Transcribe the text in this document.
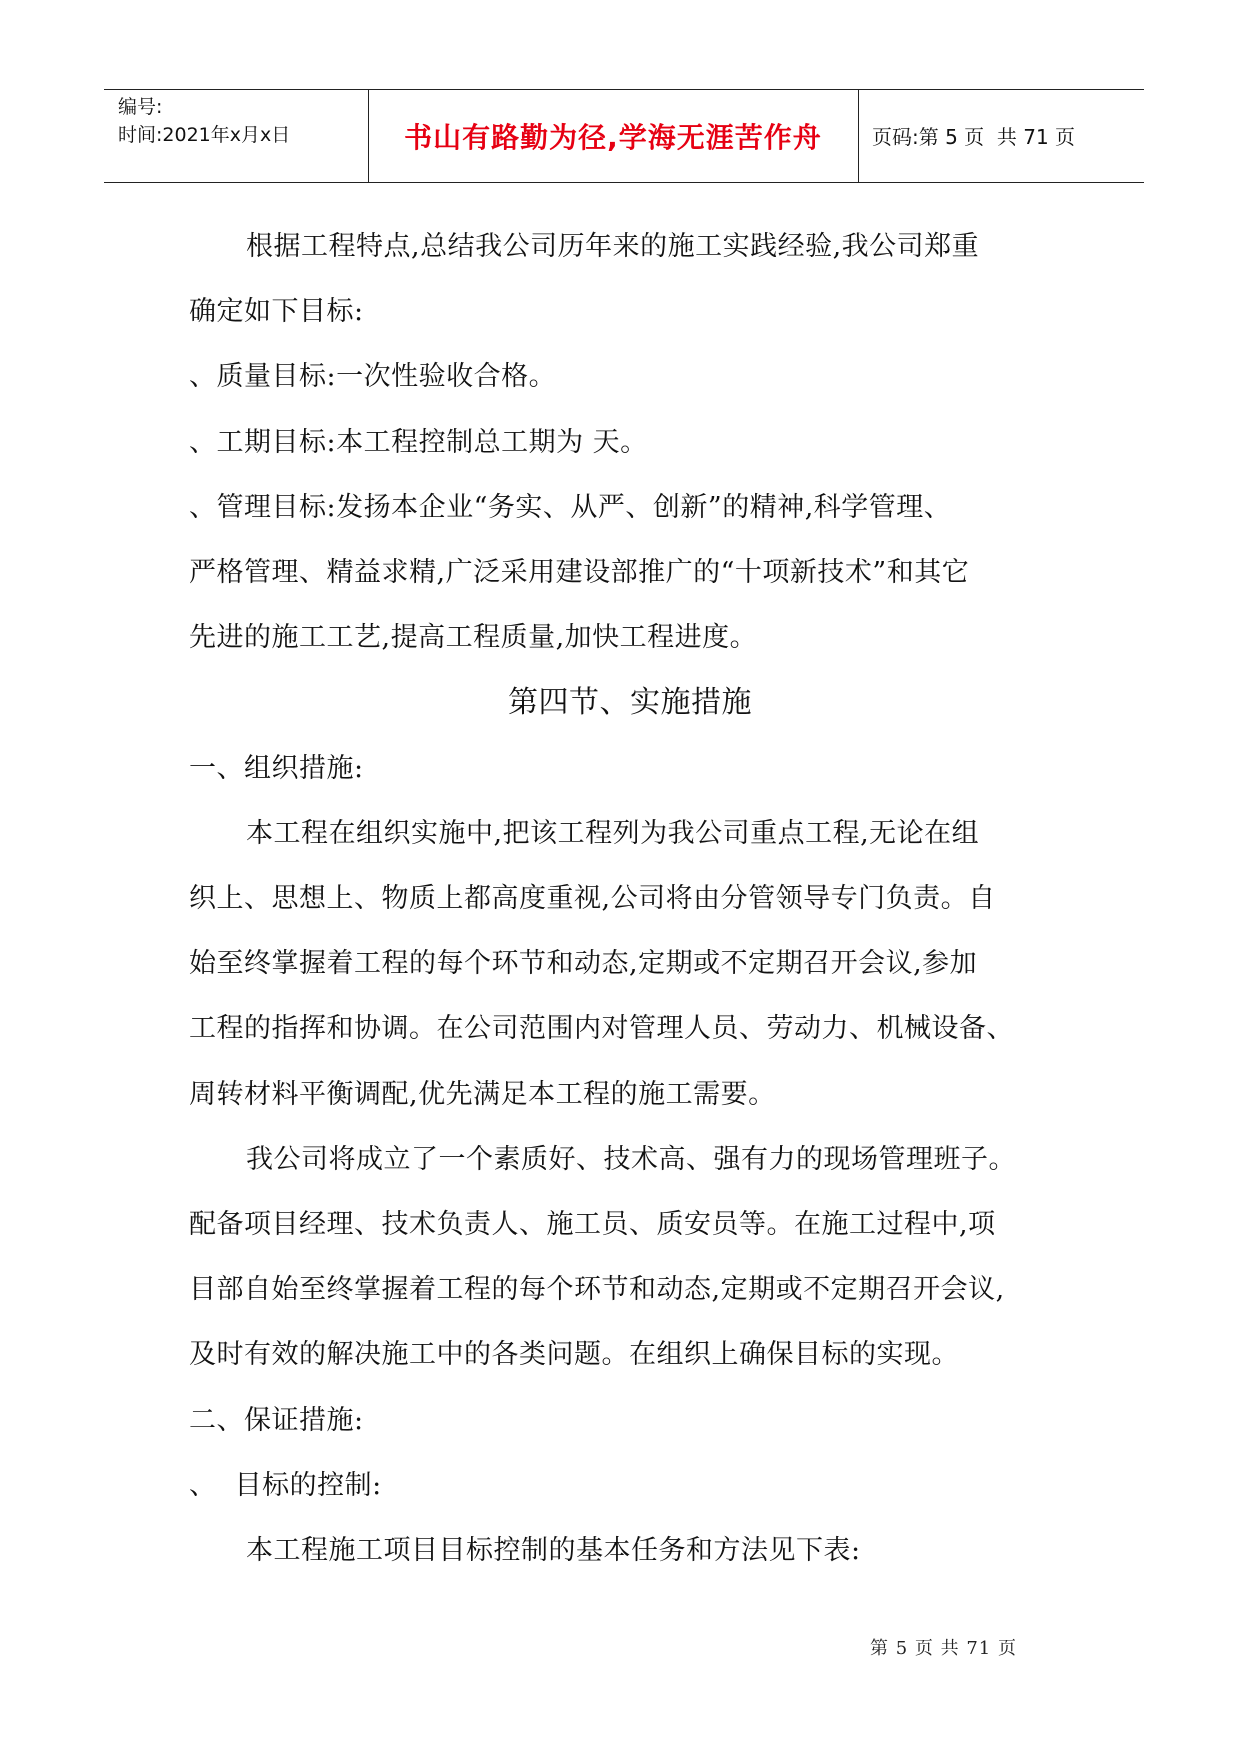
编号:
时间:2021年x月x日	书山有路勤为径,学海无涯苦作舟	页码:第 5 页  共 71 页

根据工程特点,总结我公司历年来的施工实践经验,我公司郑重

确定如下目标:

、质量目标:一次性验收合格。

、工期目标:本工程控制总工期为 天。

、管理目标:发扬本企业“务实、从严、创新”的精神,科学管理、

严格管理、精益求精,广泛采用建设部推广的“十项新技术”和其它

先进的施工工艺,提高工程质量,加快工程进度。

第四节、实施措施

一、组织措施:

本工程在组织实施中,把该工程列为我公司重点工程,无论在组

织上、思想上、物质上都高度重视,公司将由分管领导专门负责。自

始至终掌握着工程的每个环节和动态,定期或不定期召开会议,参加

工程的指挥和协调。在公司范围内对管理人员、劳动力、机械设备、

周转材料平衡调配,优先满足本工程的施工需要。

我公司将成立了一个素质好、技术高、强有力的现场管理班子。

配备项目经理、技术负责人、施工员、质安员等。在施工过程中,项

目部自始至终掌握着工程的每个环节和动态,定期或不定期召开会议,

及时有效的解决施工中的各类问题。在组织上确保目标的实现。

二、保证措施:

、  目标的控制:

本工程施工项目目标控制的基本任务和方法见下表:

第 5 页 共 71 页
